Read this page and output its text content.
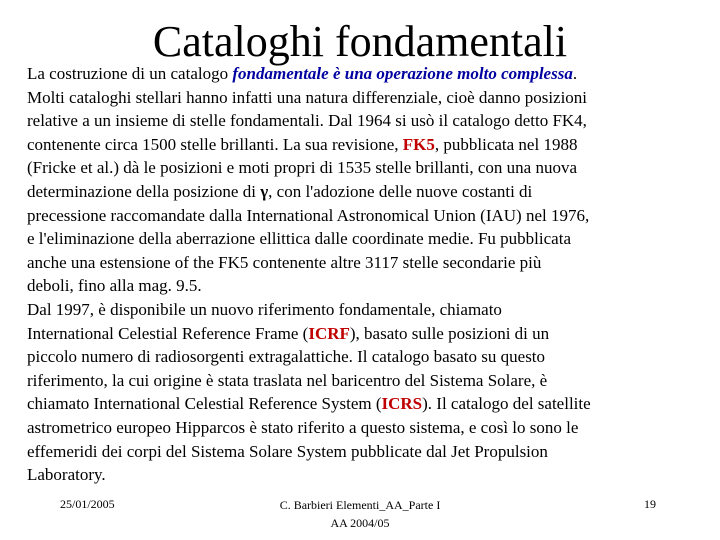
Cataloghi fondamentali
La costruzione di un catalogo fondamentale è una operazione molto complessa.
Molti cataloghi stellari hanno infatti una natura differenziale, cioè danno posizioni
relative a un insieme di stelle fondamentali. Dal 1964 si usò il catalogo detto FK4,
contenente circa 1500 stelle brillanti. La sua revisione, FK5, pubblicata nel 1988
(Fricke et al.) dà le posizioni e moti propri di 1535 stelle brillanti, con una nuova
determinazione della posizione di γ, con l'adozione delle nuove costanti di
precessione raccomandate dalla International Astronomical Union (IAU) nel 1976,
e l'eliminazione della aberrazione ellittica dalle coordinate medie. Fu pubblicata
anche una estensione of the FK5 contenente altre 3117 stelle secondarie più
deboli, fino alla mag. 9.5.
Dal 1997, è disponibile un nuovo riferimento fondamentale, chiamato
International Celestial Reference Frame (ICRF), basato sulle posizioni di un
piccolo numero di radiosorgenti extragalattiche. Il catalogo basato su questo
riferimento, la cui origine è stata traslata nel baricentro del Sistema Solare, è
chiamato International Celestial Reference System (ICRS). Il catalogo del satellite
astrometrico europeo Hipparcos è stato riferito a questo sistema, e così lo sono le
effemeridi dei corpi del Sistema Solare System pubblicate dal Jet Propulsion
Laboratory.
25/01/2005	C. Barbieri Elementi_AA_Parte I
AA 2004/05
19
